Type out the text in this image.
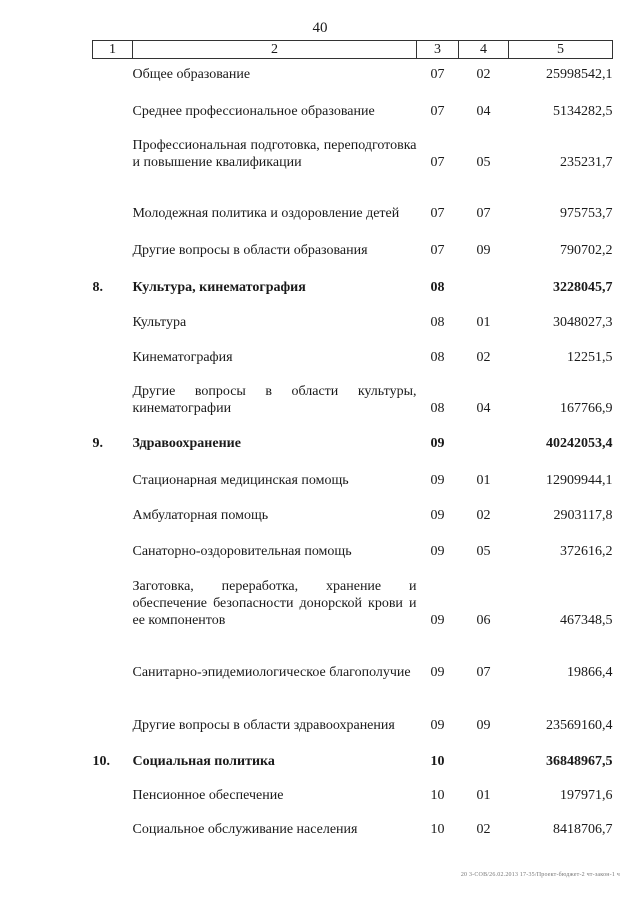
40
1	2	3	4	5
	Общее образование	07	02	25998542,1
	Среднее профессиональное образование	07	04	5134282,5
	Профессиональная подготовка, переподготовка и повышение квалификации	07	05	235231,7
	Молодежная политика и оздоровление детей	07	07	975753,7
	Другие вопросы в области образования	07	09	790702,2
8.	Культура, кинематография	08		3228045,7
	Культура	08	01	3048027,3
	Кинематография	08	02	12251,5
	Другие вопросы в области культуры, кинематографии	08	04	167766,9
9.	Здравоохранение	09		40242053,4
	Стационарная медицинская помощь	09	01	12909944,1
	Амбулаторная помощь	09	02	2903117,8
	Санаторно-оздоровительная помощь	09	05	372616,2
	Заготовка, переработка, хранение и обеспечение безопасности донорской крови и ее компонентов	09	06	467348,5
	Санитарно-эпидемиологическое благополучие	09	07	19866,4
	Другие вопросы в области здравоохранения	09	09	23569160,4
10.	Социальная политика	10		36848967,5
	Пенсионное обеспечение	10	01	197971,6
	Социальное обслуживание населения	10	02	8418706,7
20 3-COB/26.02.2013 17-35/Проект-бюджет-2 чт-закон-1 ч
